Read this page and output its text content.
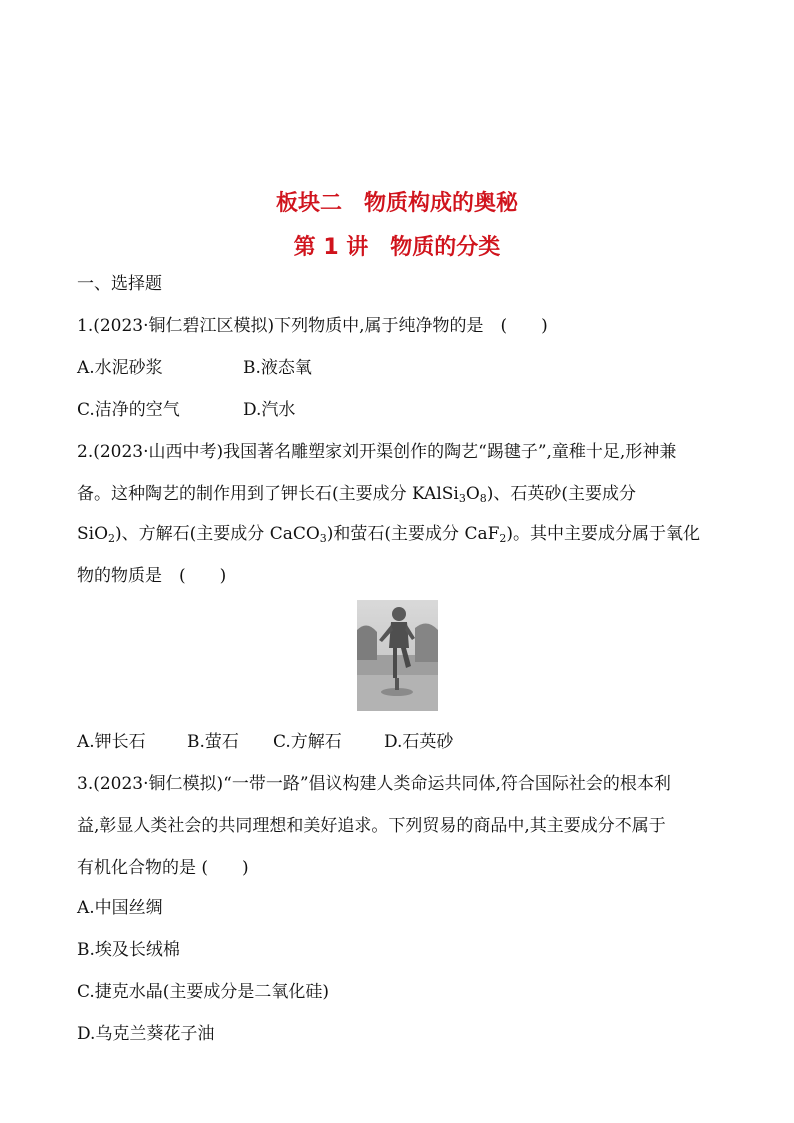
板块二　物质构成的奥秘
第 1 讲　物质的分类
一、选择题
1.(2023·铜仁碧江区模拟)下列物质中,属于纯净物的是　(　　)
A.水泥砂浆	B.液态氧
C.洁净的空气	D.汽水
2.(2023·山西中考)我国著名雕塑家刘开渠创作的陶艺“踢毽子”,童稚十足,形神兼
备。这种陶艺的制作用到了钾长石(主要成分 $KAlSi_3O_8$)、石英砂(主要成分
SiO$_2$)、方解石(主要成分 CaCO$_3$)和萤石(主要成分 CaF$_2$)。其中主要成分属于氧化
物的物质是　(　　)
A.钾长石 B.萤石 C.方解石 D.石英砂
3.(2023·铜仁模拟)“一带一路”倡议构建人类命运共同体,符合国际社会的根本利
益,彰显人类社会的共同理想和美好追求。下列贸易的商品中,其主要成分不属于
有机化合物的是 (　　)
A.中国丝绸
B.埃及长绒棉
C.捷克水晶(主要成分是二氧化硅)
D.乌克兰葵花子油
